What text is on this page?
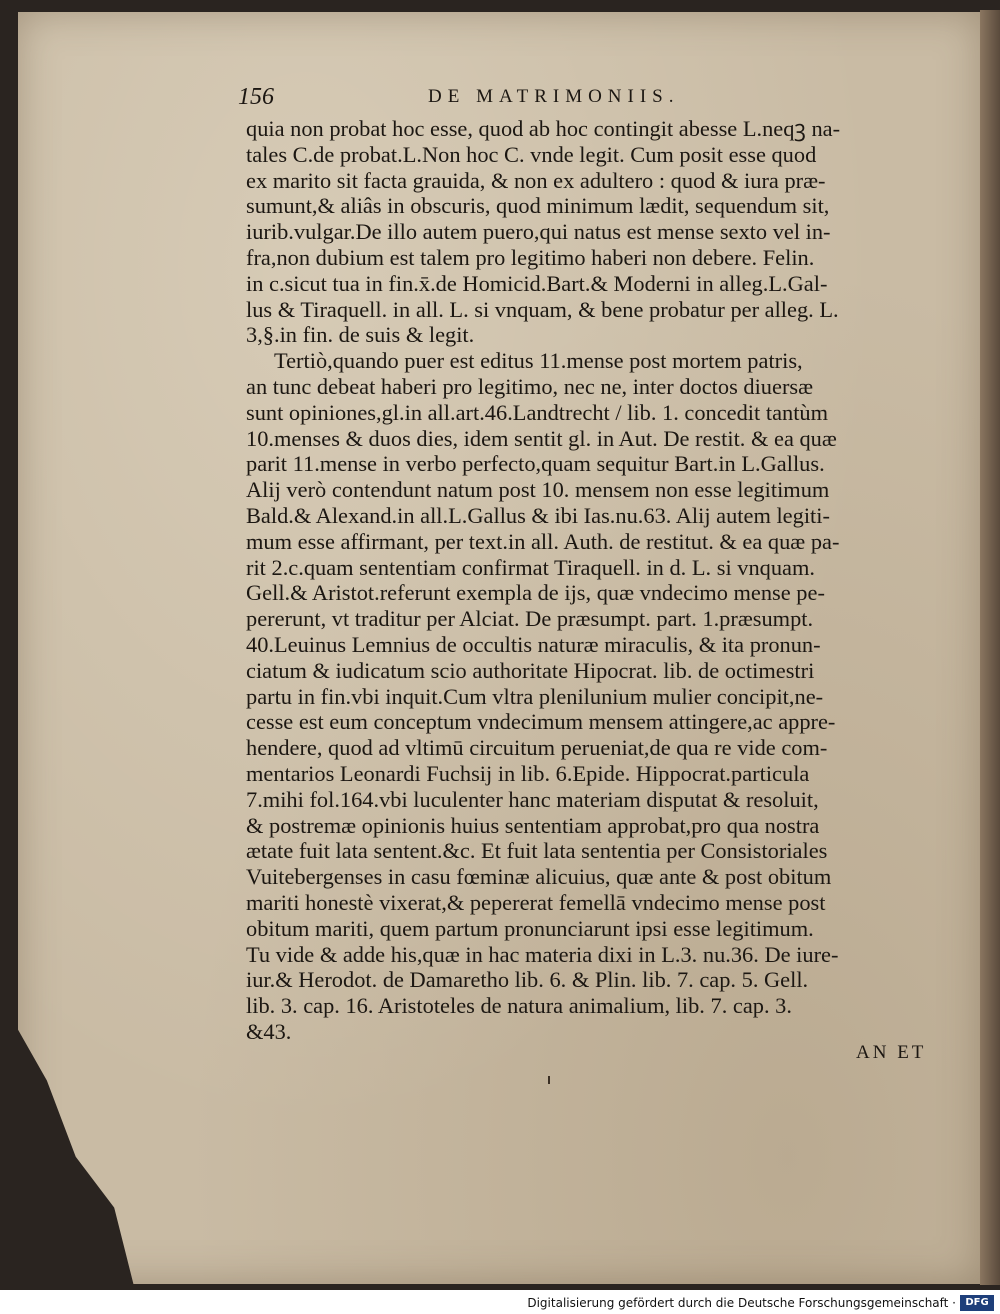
156	DE MATRIMONIIS.
quia non probat hoc esse, quod ab hoc contingit abesse L.neqꝫ na-
tales C.de probat.L.Non hoc C. vnde legit. Cum posit esse quod
ex marito sit facta grauida, & non ex adultero : quod & iura præ-
sumunt,& aliâs in obscuris, quod minimum lædit, sequendum sit,
iurib.vulgar.De illo autem puero,qui natus est mense sexto vel in-
fra,non dubium est talem pro legitimo haberi non debere. Felin.
in c.sicut tua in fin.x̄.de Homicid.Bart.& Moderni in alleg.L.Gal-
lus & Tiraquell. in all. L. si vnquam, & bene probatur per alleg. L.
3,§.in fin. de suis & legit.
Tertiò,quando puer est editus 11.mense post mortem patris,
an tunc debeat haberi pro legitimo, nec ne, inter doctos diuersæ
sunt opiniones,gl.in all.art.46.Landtrecht / lib. 1. concedit tantùm
10.menses & duos dies, idem sentit gl. in Aut. De restit. & ea quæ
parit 11.mense in verbo perfecto,quam sequitur Bart.in L.Gallus.
Alij verò contendunt natum post 10. mensem non esse legitimum
Bald.& Alexand.in all.L.Gallus & ibi Ias.nu.63. Alij autem legiti-
mum esse affirmant, per text.in all. Auth. de restitut. & ea quæ pa-
rit 2.c.quam sententiam confirmat Tiraquell. in d. L. si vnquam.
Gell.& Aristot.referunt exempla de ijs, quæ vndecimo mense pe-
pererunt, vt traditur per Alciat. De præsumpt. part. 1.præsumpt.
40.Leuinus Lemnius de occultis naturæ miraculis, & ita pronun-
ciatum & iudicatum scio authoritate Hipocrat. lib. de octimestri
partu in fin.vbi inquit.Cum vltra plenilunium mulier concipit,ne-
cesse est eum conceptum vndecimum mensem attingere,ac appre-
hendere, quod ad vltimū circuitum perueniat,de qua re vide com-
mentarios Leonardi Fuchsij in lib. 6.Epide. Hippocrat.particula
7.mihi fol.164.vbi luculenter hanc materiam disputat & resoluit,
& postremæ opinionis huius sententiam approbat,pro qua nostra
ætate fuit lata sentent.&c. Et fuit lata sententia per Consistoriales
Vuitebergenses in casu fœminæ alicuius, quæ ante & post obitum
mariti honestè vixerat,& pepererat femellā vndecimo mense post
obitum mariti, quem partum pronunciarunt ipsi esse legitimum.
Tu vide & adde his,quæ in hac materia dixi in L.3. nu.36. De iure-
iur.& Herodot. de Damaretho lib. 6. & Plin. lib. 7. cap. 5. Gell.
lib. 3. cap. 16. Aristoteles de natura animalium, lib. 7. cap. 3.
&43.
AN ET
Digitalisierung gefördert durch die Deutsche Forschungsgemeinschaft · DFG
